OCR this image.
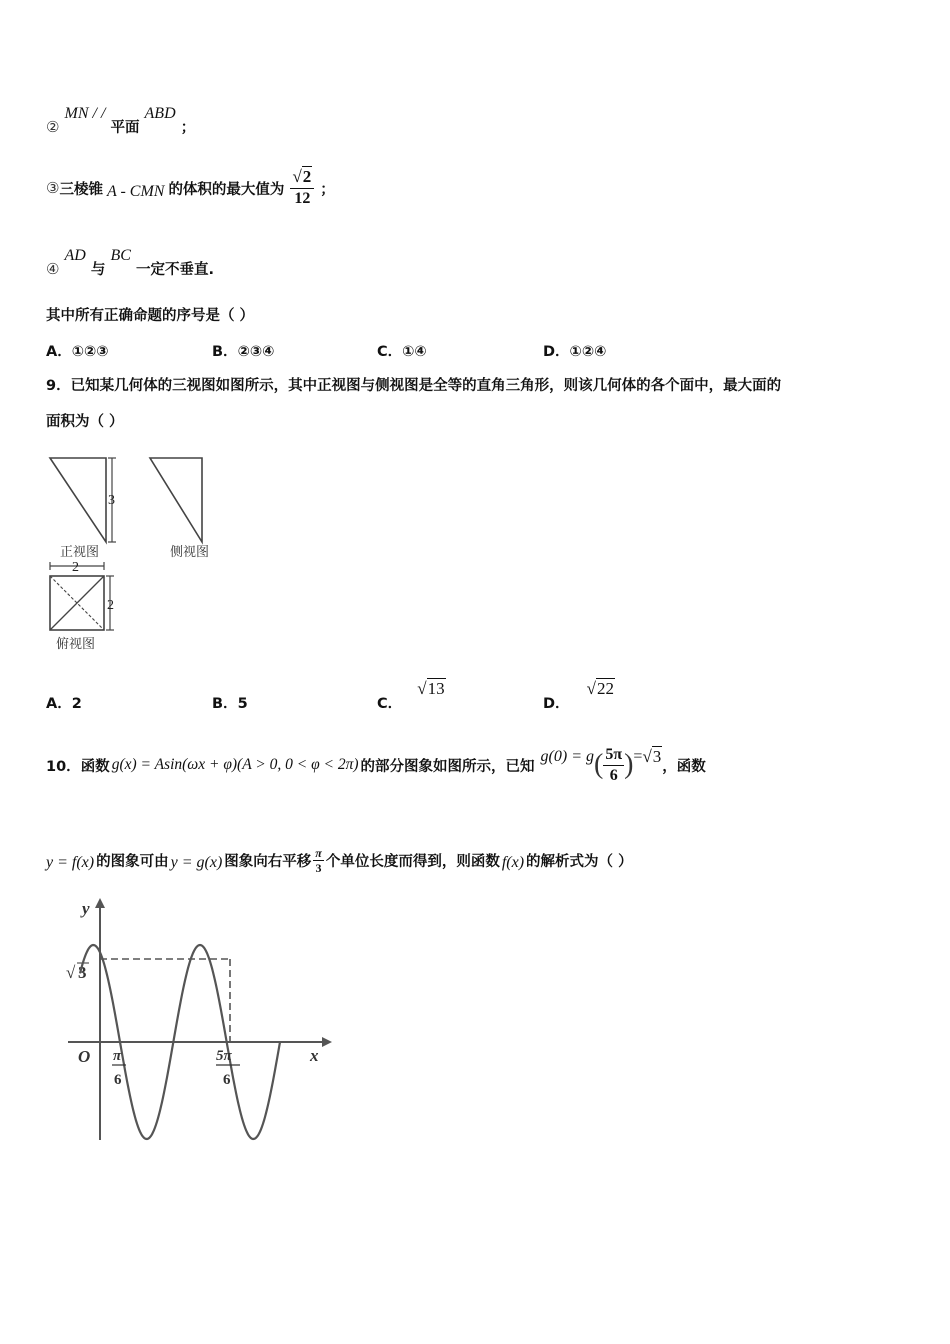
② MN / / 平面 ABD ；
③ 三棱锥 A - CMN 的体积的最大值为 $\frac{√2}{12}$ ；
④ AD 与 BC 一定不垂直.
其中所有正确命题的序号是（ ）
A．①②③	B．②③④	C．①④	D．①②④
9．已知某几何体的三视图如图所示，其中正视图与侧视图是全等的直角三角形，则该几何体的各个面中，最大面的
面积为（ ）
3
正视图	侧视图
2
2
俯视图
A．2	B．5	C． √13
D． √22
10． 函数 g(x) = Asin(ωx + φ)(A > 0, 0 < φ < 2π) 的部分图象如图所示，已知
g(0) = g ( $\frac{5\pi}{6}$ ) = √3
，函数
y = f(x) 的图象可由 y = g(x) 图象向右平移 $\frac{\pi}{3}$ 个单位长度而得到，则函数 f(x) 的解析式为（ ）
y
x
O
√ 3
π
6
5π
6
